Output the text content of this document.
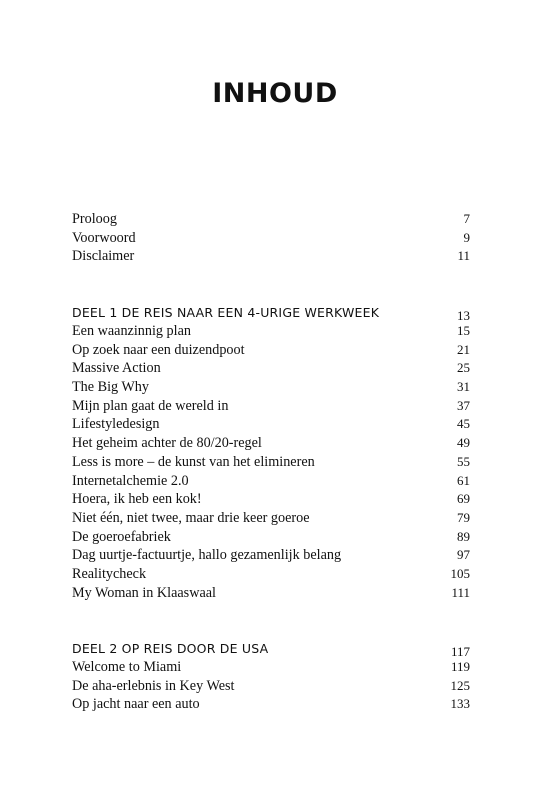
INHOUD
Proloog	7
Voorwoord	9
Disclaimer	11
DEEL 1 DE REIS NAAR EEN 4-URIGE WERKWEEK	13
Een waanzinnig plan	15
Op zoek naar een duizendpoot	21
Massive Action	25
The Big Why	31
Mijn plan gaat de wereld in	37
Lifestyledesign	45
Het geheim achter de 80/20-regel	49
Less is more – de kunst van het elimineren	55
Internetalchemie 2.0	61
Hoera, ik heb een kok!	69
Niet één, niet twee, maar drie keer goeroe	79
De goeroefabriek	89
Dag uurtje-factuurtje, hallo gezamenlijk belang	97
Realitycheck	105
My Woman in Klaaswaal	111
DEEL 2 OP REIS DOOR DE USA	117
Welcome to Miami	119
De aha-erlebnis in Key West	125
Op jacht naar een auto	133
